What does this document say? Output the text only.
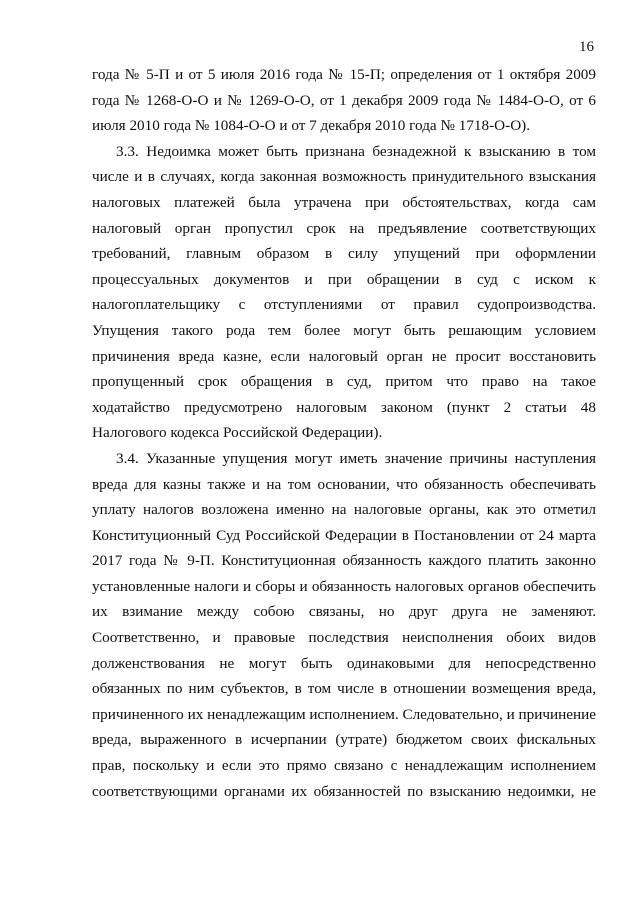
16
года № 5-П и от 5 июля 2016 года № 15-П; определения от 1 октября 2009
года № 1268-О-О и № 1269-О-О, от 1 декабря 2009 года № 1484-О-О, от 6
июля 2010 года № 1084-О-О и от 7 декабря 2010 года № 1718-О-О).
3.3. Недоимка может быть признана безнадежной к взысканию в том
числе и в случаях, когда законная возможность принудительного взыскания
налоговых платежей была утрачена при обстоятельствах, когда сам
налоговый орган пропустил срок на предъявление соответствующих
требований, главным образом в силу упущений при оформлении
процессуальных документов и при обращении в суд с иском к
налогоплательщику с отступлениями от правил судопроизводства.
Упущения такого рода тем более могут быть решающим условием
причинения вреда казне, если налоговый орган не просит восстановить
пропущенный срок обращения в суд, притом что право на такое
ходатайство предусмотрено налоговым законом (пункт 2 статьи 48
Налогового кодекса Российской Федерации).
3.4. Указанные упущения могут иметь значение причины наступления
вреда для казны также и на том основании, что обязанность обеспечивать
уплату налогов возложена именно на налоговые органы, как это отметил
Конституционный Суд Российской Федерации в Постановлении от 24 марта
2017 года № 9-П. Конституционная обязанность каждого платить законно
установленные налоги и сборы и обязанность налоговых органов обеспечить
их взимание между собою связаны, но друг друга не заменяют.
Соответственно, и правовые последствия неисполнения обоих видов
долженствования не могут быть одинаковыми для непосредственно
обязанных по ним субъектов, в том числе в отношении возмещения вреда,
причиненного их ненадлежащим исполнением. Следовательно, и причинение
вреда, выраженного в исчерпании (утрате) бюджетом своих фискальных
прав, поскольку и если это прямо связано с ненадлежащим исполнением
соответствующими органами их обязанностей по взысканию недоимки, не
